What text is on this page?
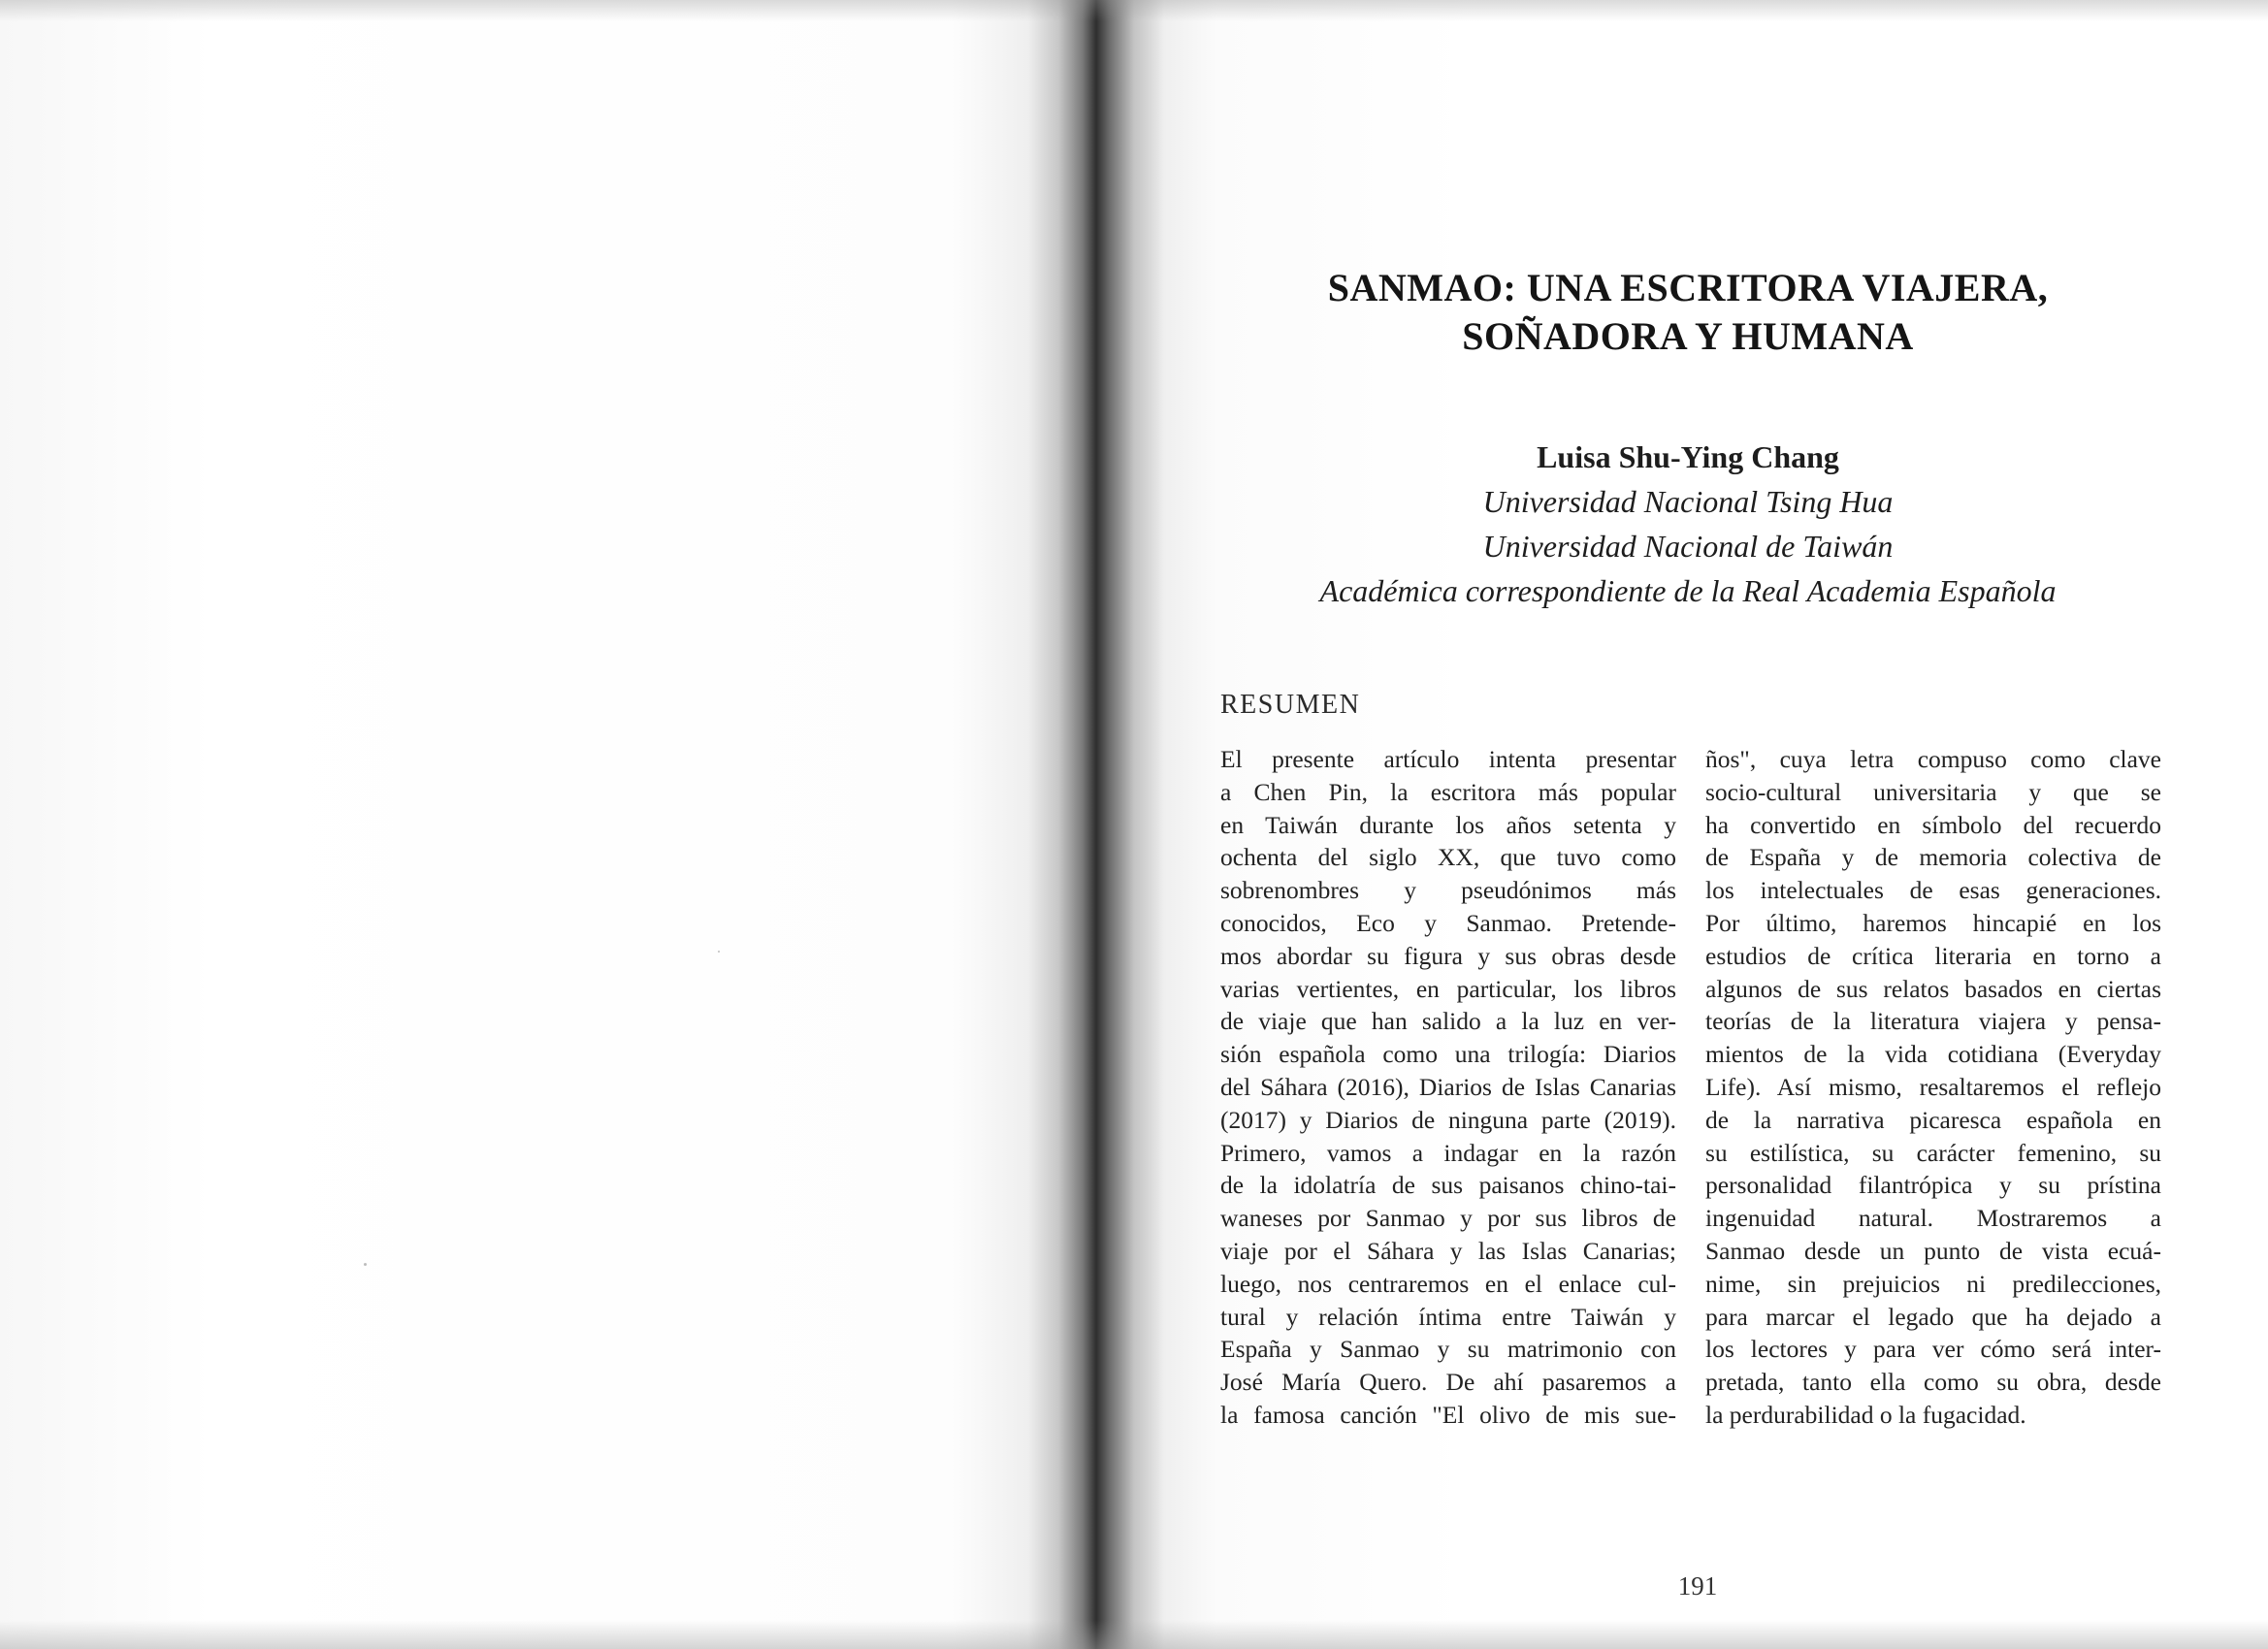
SANMAO: UNA ESCRITORA VIAJERA,
SOÑADORA Y HUMANA
Luisa Shu-Ying Chang
Universidad Nacional Tsing Hua
Universidad Nacional de Taiwán
Académica correspondiente de la Real Academia Española
RESUMEN
El presente artículo intenta presentar
a Chen Pin, la escritora más popular
en Taiwán durante los años setenta y
ochenta del siglo XX, que tuvo como
sobrenombres y pseudónimos más
conocidos, Eco y Sanmao. Pretende-
mos abordar su figura y sus obras desde
varias vertientes, en particular, los libros
de viaje que han salido a la luz en ver-
sión española como una trilogía: Diarios
del Sáhara (2016), Diarios de Islas Canarias
(2017) y Diarios de ninguna parte (2019).
Primero, vamos a indagar en la razón
de la idolatría de sus paisanos chino-tai-
waneses por Sanmao y por sus libros de
viaje por el Sáhara y las Islas Canarias;
luego, nos centraremos en el enlace cul-
tural y relación íntima entre Taiwán y
España y Sanmao y su matrimonio con
José María Quero. De ahí pasaremos a
la famosa canción "El olivo de mis sue-
ños", cuya letra compuso como clave
socio-cultural universitaria y que se
ha convertido en símbolo del recuerdo
de España y de memoria colectiva de
los intelectuales de esas generaciones.
Por último, haremos hincapié en los
estudios de crítica literaria en torno a
algunos de sus relatos basados en ciertas
teorías de la literatura viajera y pensa-
mientos de la vida cotidiana (Everyday
Life). Así mismo, resaltaremos el reflejo
de la narrativa picaresca española en
su estilística, su carácter femenino, su
personalidad filantrópica y su prístina
ingenuidad natural. Mostraremos a
Sanmao desde un punto de vista ecuá-
nime, sin prejuicios ni predilecciones,
para marcar el legado que ha dejado a
los lectores y para ver cómo será inter-
pretada, tanto ella como su obra, desde
la perdurabilidad o la fugacidad.
191
